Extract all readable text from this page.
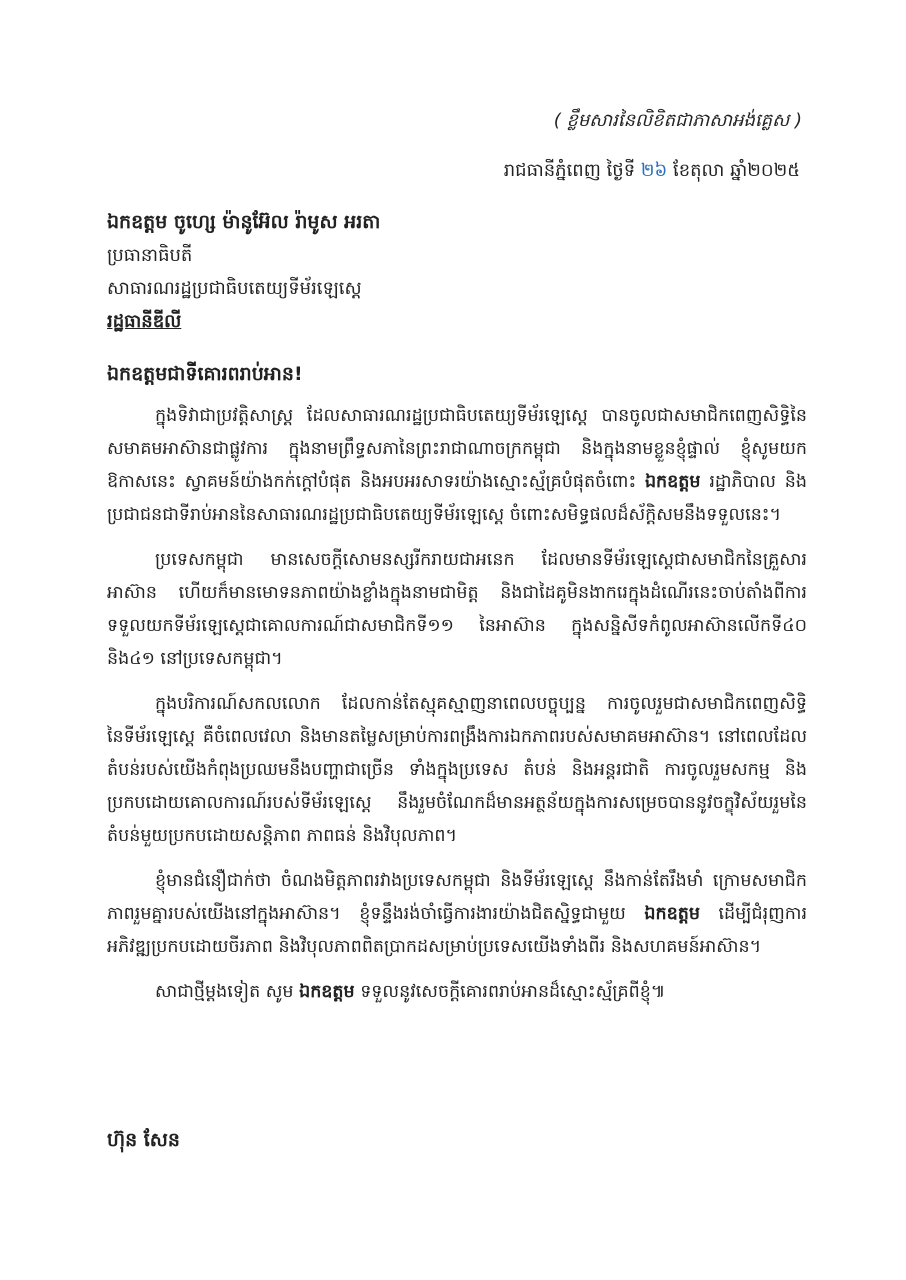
( ខ្លឹមសារនៃលិខិតជាភាសាអង់គ្លេស )
រាជធានីភ្នំពេញ ថ្ងៃទី ២៦ ខែតុលា ឆ្នាំ២០២៥
ឯកឧត្តម ចូហ្សេ ម៉ានូអ៊ែល រ៉ាមូស អរតា
ប្រធានាធិបតី
សាធារណរដ្ឋប្រជាធិបតេយ្យទីម័រឡេស្តេ
រដ្ឋធានីឌីលី
ឯកឧត្តមជាទីគោរពរាប់អាន!

ក្នុងទិវាជាប្រវត្តិសាស្ត្រ ដែលសាធារណរដ្ឋប្រជាធិបតេយ្យទីម័រឡេស្តេ បានចូលជាសមាជិកពេញសិទ្ធិនៃសមាគមអាស៊ានជាផ្លូវការ ក្នុងនាមព្រឹទ្ធសភានៃព្រះរាជាណាចក្រកម្ពុជា និងក្នុងនាមខ្លួនខ្ញុំផ្ទាល់ ខ្ញុំសូមយកឱកាសនេះ ស្វាគមន៍យ៉ាងកក់ក្ដៅបំផុត និងអបអរសាទរយ៉ាងស្មោះស្ម័គ្របំផុតចំពោះ ឯកឧត្តម រដ្ឋាភិបាល និងប្រជាជនជាទីរាប់អាននៃសាធារណរដ្ឋប្រជាធិបតេយ្យទីម័រឡេស្តេ ចំពោះសមិទ្ធផលដ៏ស័ក្តិសមនឹងទទួលនេះ។

ប្រទេសកម្ពុជា មានសេចក្តីសោមនស្សរីករាយជាអនេក ដែលមានទីម័រឡេស្តេជាសមាជិកនៃគ្រួសារអាស៊ាន ហើយក៏មានមោទនភាពយ៉ាងខ្លាំងក្នុងនាមជាមិត្ត និងជាដៃគូមិនងាករេក្នុងដំណើរនេះចាប់តាំងពីការទទួលយកទីម័រឡេស្តេជាគោលការណ៍ជាសមាជិកទី១១ នៃអាស៊ាន ក្នុងសន្និសីទកំពូលអាស៊ានលើកទី៤០ និង៤១ នៅប្រទេសកម្ពុជា។

ក្នុងបរិការណ៍សកលលោក ដែលកាន់តែស្មុគស្មាញនាពេលបច្ចុប្បន្ន ការចូលរួមជាសមាជិកពេញសិទ្ធិនៃទីម័រឡេស្តេ គឺចំពេលវេលា និងមានតម្លៃសម្រាប់ការពង្រឹងការឯកភាពរបស់សមាគមអាស៊ាន។ នៅពេលដែលតំបន់របស់យើងកំពុងប្រឈមនឹងបញ្ហាជាច្រើន ទាំងក្នុងប្រទេស តំបន់ និងអន្តរជាតិ ការចូលរួមសកម្ម និងប្រកបដោយគោលការណ៍របស់ទីម័រឡេស្តេ នឹងរួមចំណែកដ៏មានអត្ថន័យក្នុងការសម្រេចបាននូវចក្ខុវិស័យរួមនៃតំបន់មួយប្រកបដោយសន្តិភាព ភាពធន់ និងវិបុលភាព។

ខ្ញុំមានជំនឿជាក់ថា ចំណងមិត្តភាពរវាងប្រទេសកម្ពុជា និងទីម័រឡេស្តេ នឹងកាន់តែរឹងមាំ ក្រោមសមាជិកភាពរួមគ្នារបស់យើងនៅក្នុងអាស៊ាន។ ខ្ញុំទន្ទឹងរង់ចាំធ្វើការងារយ៉ាងជិតស្និទ្ធជាមួយ ឯកឧត្តម ដើម្បីជំរុញការអភិវឌ្ឍប្រកបដោយចីរភាព និងវិបុលភាពពិតប្រាកដសម្រាប់ប្រទេសយើងទាំងពីរ និងសហគមន៍អាស៊ាន។

សាជាថ្មីម្តងទៀត សូម ឯកឧត្តម ទទួលនូវសេចក្តីគោរពរាប់អានដ៏ស្មោះស្ម័គ្រពីខ្ញុំ៕

ហ៊ុន សែន
